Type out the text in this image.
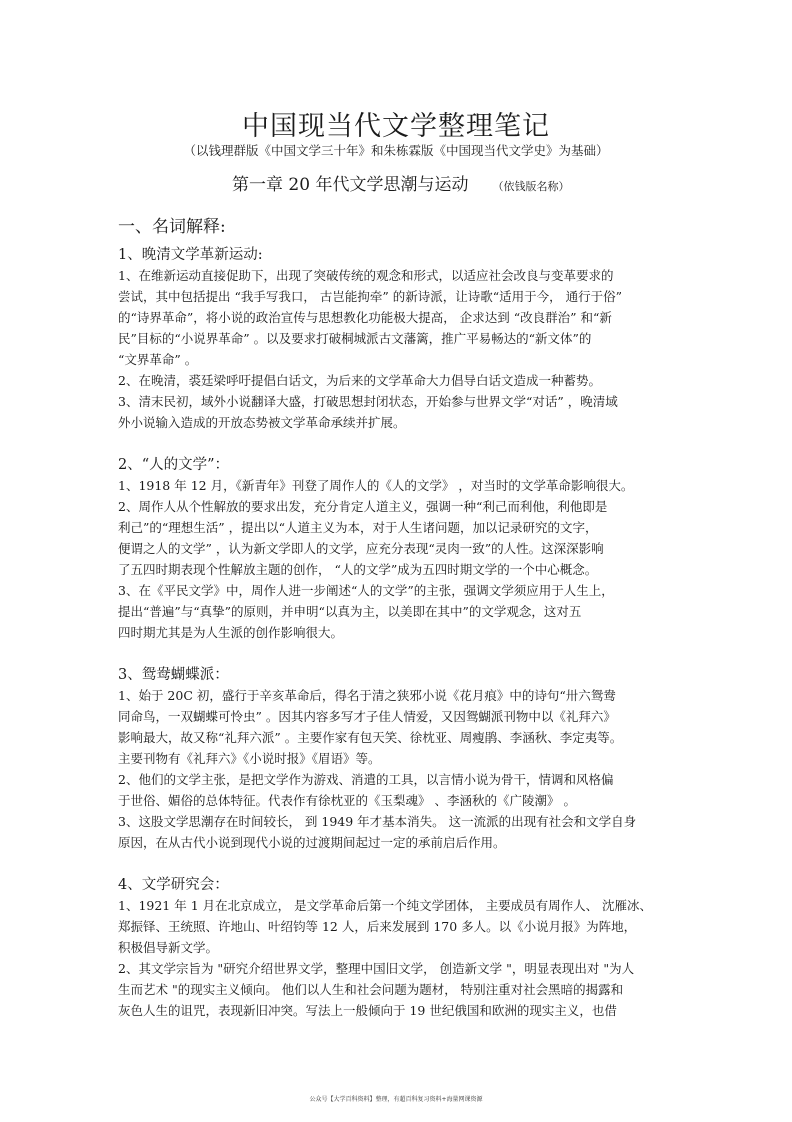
中国现当代文学整理笔记
（以钱理群版《中国文学三十年》和朱栋霖版《中国现当代文学史》为基础）
第一章 20 年代文学思潮与运动 （依钱版名称）
一、名词解释:
1、晚清文学革新运动:
1、在维新运动直接促助下，出现了突破传统的观念和形式，以适应社会改良与变革要求的
尝试，其中包括提出 “我手写我口， 古岂能拘牵” 的新诗派，让诗歌“适用于今， 通行于俗”
的“诗界革命”，将小说的政治宣传与思想教化功能极大提高， 企求达到 “改良群治” 和“新
民”目标的“小说界革命” 。以及要求打破桐城派古文藩篱，推广平易畅达的“新文体”的
“文界革命” 。
2、在晚清，裘廷梁呼吁提倡白话文，为后来的文学革命大力倡导白话文造成一种蓄势。
3、清末民初，域外小说翻译大盛，打破思想封闭状态，开始参与世界文学“对话” ，晚清域
外小说输入造成的开放态势被文学革命承续并扩展。
2、“人的文学”：
1、1918 年 12 月，《新青年》刊登了周作人的《人的文学》 ，对当时的文学革命影响很大。
2、周作人从个性解放的要求出发，充分肯定人道主义，强调一种“利己而利他，利他即是
利己”的“理想生活” ，提出以“人道主义为本，对于人生诸问题，加以记录研究的文字，
便谓之人的文学” ，认为新文学即人的文学，应充分表现“灵肉一致”的人性。这深深影响
了五四时期表现个性解放主题的创作， “人的文学”成为五四时期文学的一个中心概念。
3、在《平民文学》中，周作人进一步阐述“人的文学”的主张，强调文学须应用于人生上，
提出“普遍”与“真挚”的原则，并申明“以真为主，以美即在其中”的文学观念，这对五
四时期尤其是为人生派的创作影响很大。
3、鸳鸯蝴蝶派：
1、始于 20C 初，盛行于辛亥革命后，得名于清之狭邪小说《花月痕》中的诗句“卅六鸳鸯
同命鸟，一双蝴蝶可怜虫” 。因其内容多写才子佳人情爱，又因鸳蝴派刊物中以《礼拜六》
影响最大，故又称“礼拜六派” 。主要作家有包天笑、徐枕亚、周瘦鹃、李涵秋、李定夷等。
主要刊物有《礼拜六》《小说时报》《眉语》等。
2、他们的文学主张，是把文学作为游戏、消遣的工具，以言情小说为骨干，情调和风格偏
于世俗、媚俗的总体特征。代表作有徐枕亚的《玉梨魂》 、李涵秋的《广陵潮》 。
3、这股文学思潮存在时间较长， 到 1949 年才基本消失。 这一流派的出现有社会和文学自身
原因，在从古代小说到现代小说的过渡期间起过一定的承前启后作用。
4、文学研究会：
1、1921 年 1 月在北京成立， 是文学革命后第一个纯文学团体， 主要成员有周作人、 沈雁冰、
郑振铎、王统照、许地山、叶绍钧等 12 人，后来发展到 170 多人。以《小说月报》为阵地，
积极倡导新文学。
2、其文学宗旨为 "研究介绍世界文学，整理中国旧文学， 创造新文学 "，明显表现出对 "为人
生而艺术 "的现实主义倾向。 他们以人生和社会问题为题材， 特别注重对社会黑暗的揭露和
灰色人生的诅咒，表现新旧冲突。写法上一般倾向于 19 世纪俄国和欧洲的现实主义，也借
公众号【大学百科资料】整理，有超百科复习资料+海量网课资源
